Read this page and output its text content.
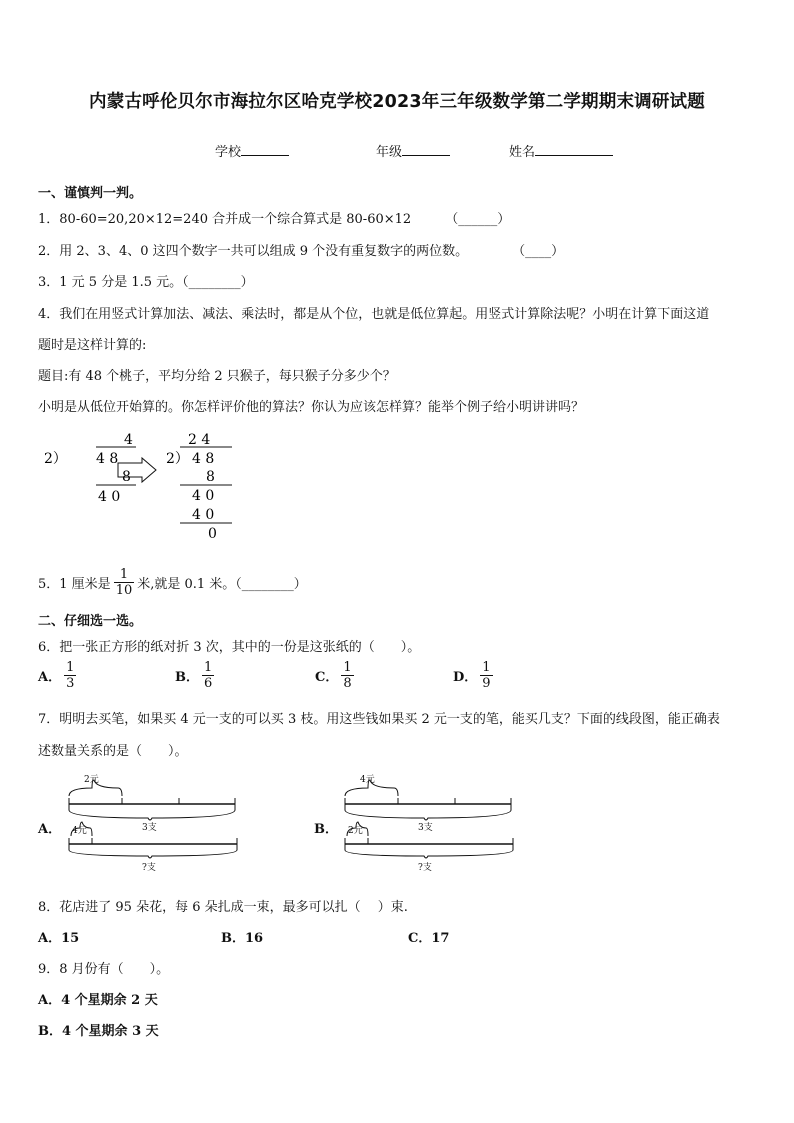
内蒙古呼伦贝尔市海拉尔区哈克学校2023年三年级数学第二学期期末调研试题
学校	年级	姓名
一、谨慎判一判。
1．80-60=20,20×12=240 合并成一个综合算式是 80-60×12	（______）
2．用 2、3、4、0 这四个数字一共可以组成 9 个没有重复数字的两位数。	（____）
3．1 元 5 分是 1.5 元。（________）
4．我们在用竖式计算加法、减法、乘法时，都是从个位，也就是低位算起。用竖式计算除法呢？小明在计算下面这道
题时是这样计算的:
题目:有 48 个桃子，平均分给 2 只猴子，每只猴子分多少个？
小明是从低位开始算的。你怎样评价他的算法？你认为应该怎样算？能举个例子给小明讲讲吗？
4
2） 4 8
8
4 0
2 4
2） 4 8
8
4 0
4 0
0
5．1 厘米是 $\frac{1}{10}$ 米,就是 0.1 米。（________）
二、仔细选一选。
6．把一张正方形的纸对折 3 次，其中的一份是这张纸的（　　）。
A． $\frac{1}{3}$	B． $\frac{1}{6}$	C． $\frac{1}{8}$	D． $\frac{1}{9}$
7．明明去买笔，如果买 4 元一支的可以买 3 枝。用这些钱如果买 2 元一支的笔，能买几支？下面的线段图，能正确表
述数量关系的是（　　）。
A．
2元
3支
4元
?支
B．
4元
3支
2元
?支
8．花店进了 95 朵花，每 6 朵扎成一束，最多可以扎（　 ）束.
A．15	B．16	C．17
9．8 月份有（　　）。
A．4 个星期余 2 天
B．4 个星期余 3 天
